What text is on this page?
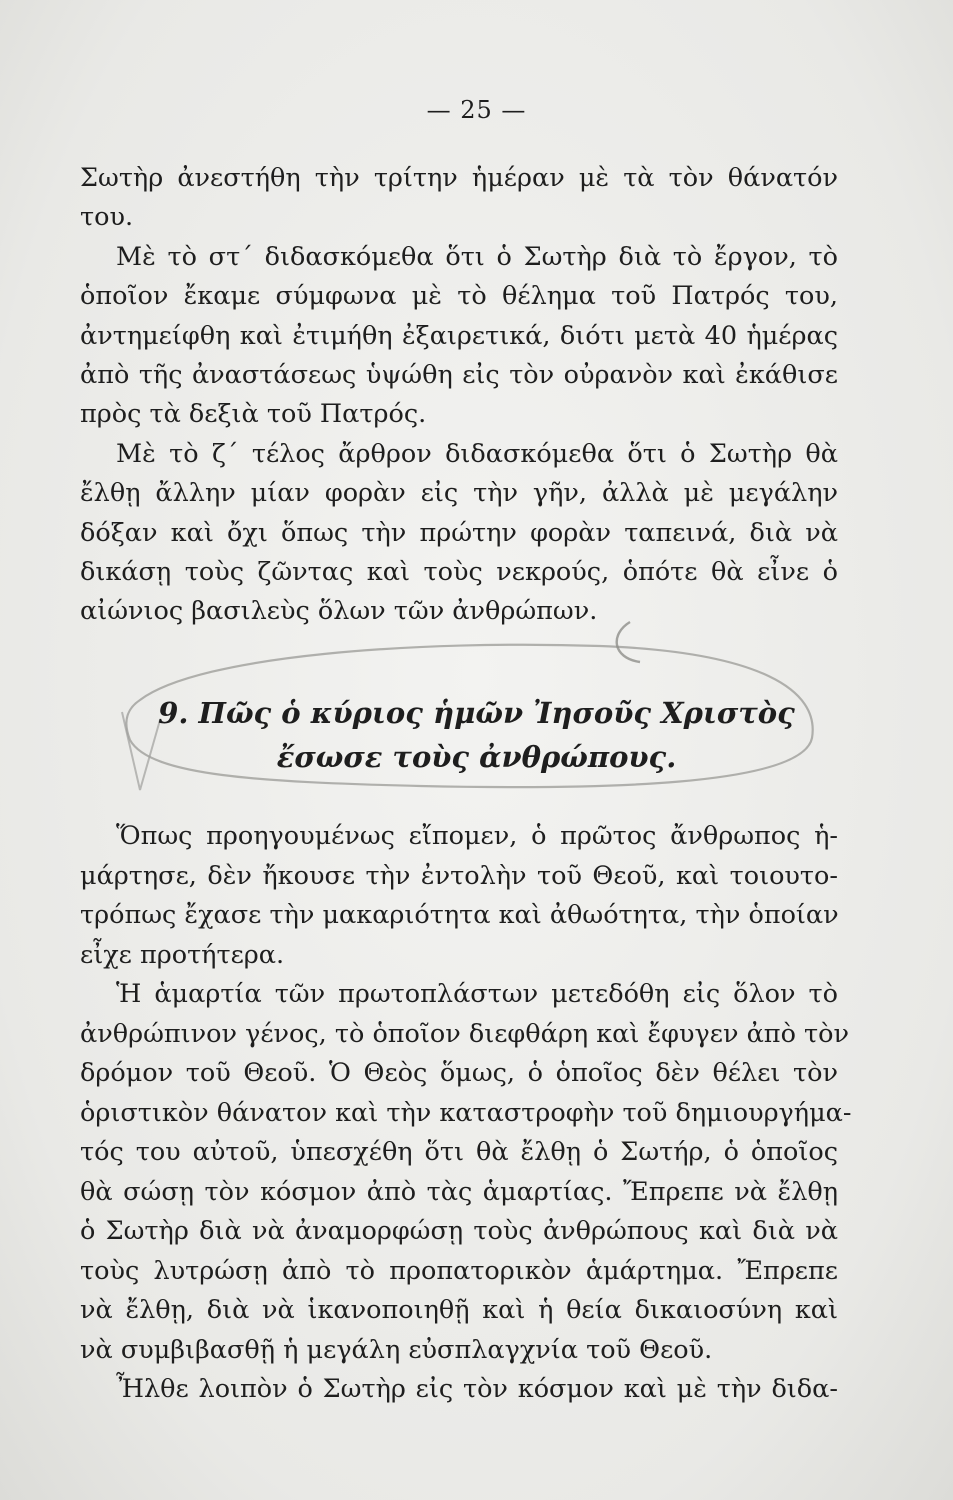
— 25 —
Σωτὴρ ἀνεστήθη τὴν τρίτην ἡμέραν μὲ τὰ τὸν θάνατόν
του.
Μὲ τὸ στ´ διδασκόμεθα ὅτι ὁ Σωτὴρ διὰ τὸ ἔργον, τὸ
ὁποῖον ἔκαμε σύμφωνα μὲ τὸ θέλημα τοῦ Πατρός του,
ἀντημείφθη καὶ ἐτιμήθη ἐξαιρετικά, διότι μετὰ 40 ἡμέρας
ἀπὸ τῆς ἀναστάσεως ὑψώθη εἰς τὸν οὐρανὸν καὶ ἐκάθισε
πρὸς τὰ δεξιὰ τοῦ Πατρός.
Μὲ τὸ ζ´ τέλος ἄρθρον διδασκόμεθα ὅτι ὁ Σωτὴρ θὰ
ἔλθῃ ἄλλην μίαν φορὰν εἰς τὴν γῆν, ἀλλὰ μὲ μεγάλην
δόξαν καὶ ὄχι ὅπως τὴν πρώτην φορὰν ταπεινά, διὰ νὰ
δικάσῃ τοὺς ζῶντας καὶ τοὺς νεκρούς, ὁπότε θὰ εἶνε ὁ
αἰώνιος βασιλεὺς ὅλων τῶν ἀνθρώπων.
9. Πῶς ὁ κύριος ἡμῶν Ἰησοῦς Χριστὸς
ἔσωσε τοὺς ἀνθρώπους.
Ὅπως προηγουμένως εἴπομεν, ὁ πρῶτος ἄνθρωπος ἡ-
μάρτησε, δὲν ἤκουσε τὴν ἐντολὴν τοῦ Θεοῦ, καὶ τοιουτο-
τρόπως ἔχασε τὴν μακαριότητα καὶ ἀθωότητα, τὴν ὁποίαν
εἶχε προτήτερα.
Ἡ ἁμαρτία τῶν πρωτοπλάστων μετεδόθη εἰς ὅλον τὸ
ἀνθρώπινον γένος, τὸ ὁποῖον διεφθάρη καὶ ἔφυγεν ἀπὸ τὸν
δρόμον τοῦ Θεοῦ. Ὁ Θεὸς ὅμως, ὁ ὁποῖος δὲν θέλει τὸν
ὁριστικὸν θάνατον καὶ τὴν καταστροφὴν τοῦ δημιουργήμα-
τός του αὐτοῦ, ὑπεσχέθη ὅτι θὰ ἔλθῃ ὁ Σωτήρ, ὁ ὁποῖος
θὰ σώσῃ τὸν κόσμον ἀπὸ τὰς ἁμαρτίας. Ἔπρεπε νὰ ἔλθῃ
ὁ Σωτὴρ διὰ νὰ ἀναμορφώσῃ τοὺς ἀνθρώπους καὶ διὰ νὰ
τοὺς λυτρώσῃ ἀπὸ τὸ προπατορικὸν ἁμάρτημα. Ἔπρεπε
νὰ ἔλθῃ, διὰ νὰ ἱκανοποιηθῇ καὶ ἡ θεία δικαιοσύνη καὶ
νὰ συμβιβασθῇ ἡ μεγάλη εὐσπλαγχνία τοῦ Θεοῦ.
Ἦλθε λοιπὸν ὁ Σωτὴρ εἰς τὸν κόσμον καὶ μὲ τὴν διδα-
